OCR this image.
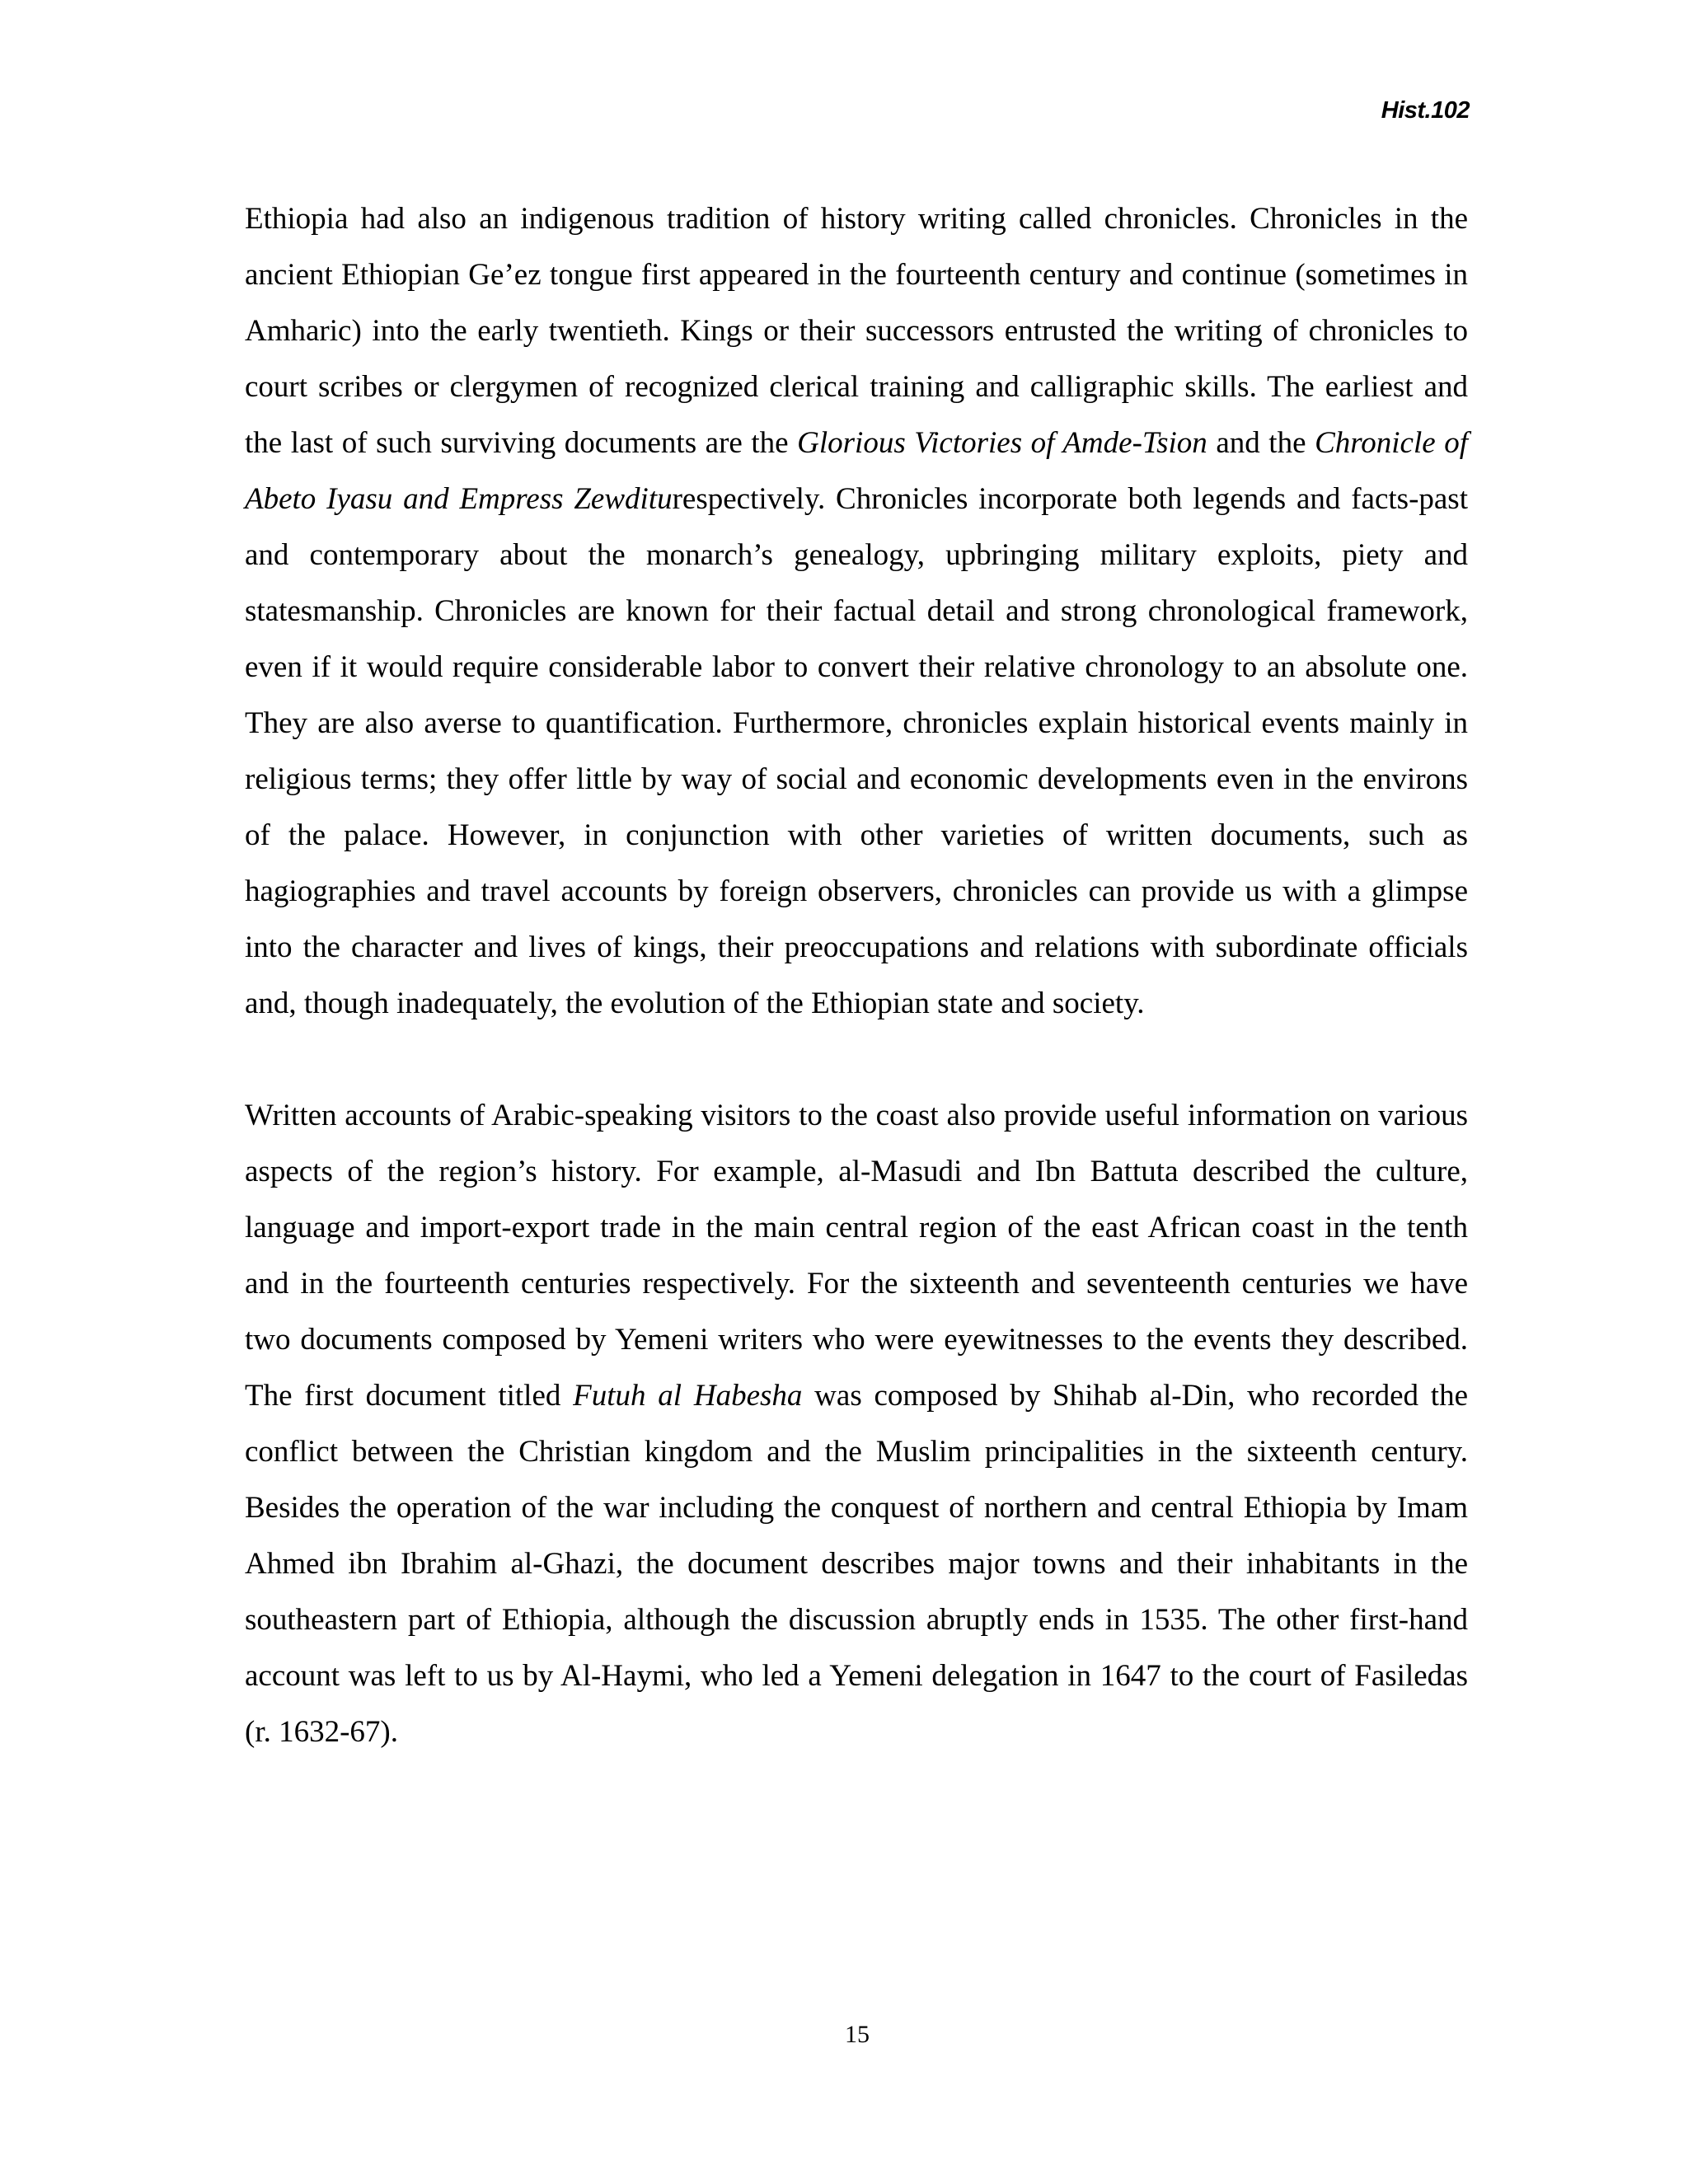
Hist.102

Ethiopia had also an indigenous tradition of history writing called chronicles. Chronicles in the ancient Ethiopian Ge’ez tongue first appeared in the fourteenth century and continue (sometimes in Amharic) into the early twentieth. Kings or their successors entrusted the writing of chronicles to court scribes or clergymen of recognized clerical training and calligraphic skills. The earliest and the last of such surviving documents are the Glorious Victories of Amde-Tsion and the Chronicle of Abeto Iyasu and Empress Zewditurespectively. Chronicles incorporate both legends and facts-past and contemporary about the monarch’s genealogy, upbringing military exploits, piety and statesmanship. Chronicles are known for their factual detail and strong chronological framework, even if it would require considerable labor to convert their relative chronology to an absolute one. They are also averse to quantification. Furthermore, chronicles explain historical events mainly in religious terms; they offer little by way of social and economic developments even in the environs of the palace. However, in conjunction with other varieties of written documents, such as hagiographies and travel accounts by foreign observers, chronicles can provide us with a glimpse into the character and lives of kings, their preoccupations and relations with subordinate officials and, though inadequately, the evolution of the Ethiopian state and society.

Written accounts of Arabic-speaking visitors to the coast also provide useful information on various aspects of the region’s history. For example, al-Masudi and Ibn Battuta described the culture, language and import-export trade in the main central region of the east African coast in the tenth and in the fourteenth centuries respectively. For the sixteenth and seventeenth centuries we have two documents composed by Yemeni writers who were eyewitnesses to the events they described. The first document titled Futuh al Habesha was composed by Shihab al-Din, who recorded the conflict between the Christian kingdom and the Muslim principalities in the sixteenth century. Besides the operation of the war including the conquest of northern and central Ethiopia by Imam Ahmed ibn Ibrahim al-Ghazi, the document describes major towns and their inhabitants in the southeastern part of Ethiopia, although the discussion abruptly ends in 1535. The other first-hand account was left to us by Al-Haymi, who led a Yemeni delegation in 1647 to the court of Fasiledas (r. 1632-67).

15
